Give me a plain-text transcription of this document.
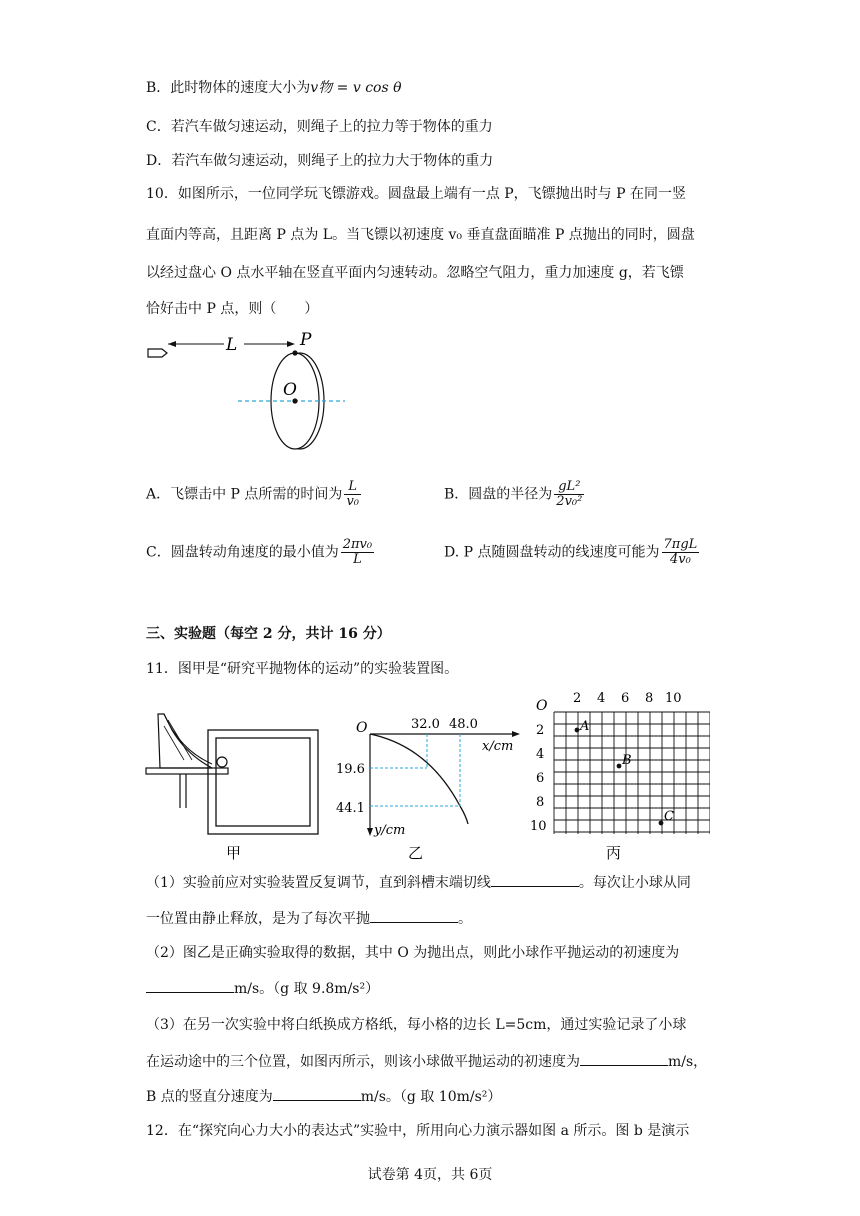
B．此时物体的速度大小为v物 = v cos θ
C．若汽车做匀速运动，则绳子上的拉力等于物体的重力
D．若汽车做匀速运动，则绳子上的拉力大于物体的重力
10．如图所示，一位同学玩飞镖游戏。圆盘最上端有一点 P，飞镖抛出时与 P 在同一竖
直面内等高，且距离 P 点为 L。当飞镖以初速度 v₀ 垂直盘面瞄准 P 点抛出的同时，圆盘
以经过盘心 O 点水平轴在竖直平面内匀速转动。忽略空气阻力，重力加速度 g，若飞镖
恰好击中 P 点，则（　　）
L	P
O
A．飞镖击中 P 点所需的时间为 $\frac{L}{\text{v₀}}$	B．圆盘的半径为 $\frac{\text{gL²}}{\text{2v₀²}}$
C．圆盘转动角速度的最小值为 $\frac{\text{2πv₀}}{L}$	D. P 点随圆盘转动的线速度可能为 $\frac{\text{7πgL}}{\text{4v₀}}$
三、实验题（每空 2 分，共计 16 分）
11．图甲是“研究平抛物体的运动”的实验装置图。
甲
O	32.0 48.0
x/cm
19.6
44.1
y/cm
乙
O 2 4 6 8 10
2
4
6
8
10
A
B
C
丙
（1）实验前应对实验装置反复调节，直到斜槽末端切线	。每次让小球从同
一位置由静止释放，是为了每次平抛	。
（2）图乙是正确实验取得的数据，其中 O 为抛出点，则此小球作平抛运动的初速度为
m/s。（g 取 9.8m/s²）
（3）在另一次实验中将白纸换成方格纸，每小格的边长 L=5cm，通过实验记录了小球
在运动途中的三个位置，如图丙所示，则该小球做平抛运动的初速度为	m/s，
B 点的竖直分速度为	m/s。（g 取 10m/s²）
12．在“探究向心力大小的表达式”实验中，所用向心力演示器如图 a 所示。图 b 是演示
试卷第 4页，共 6页
